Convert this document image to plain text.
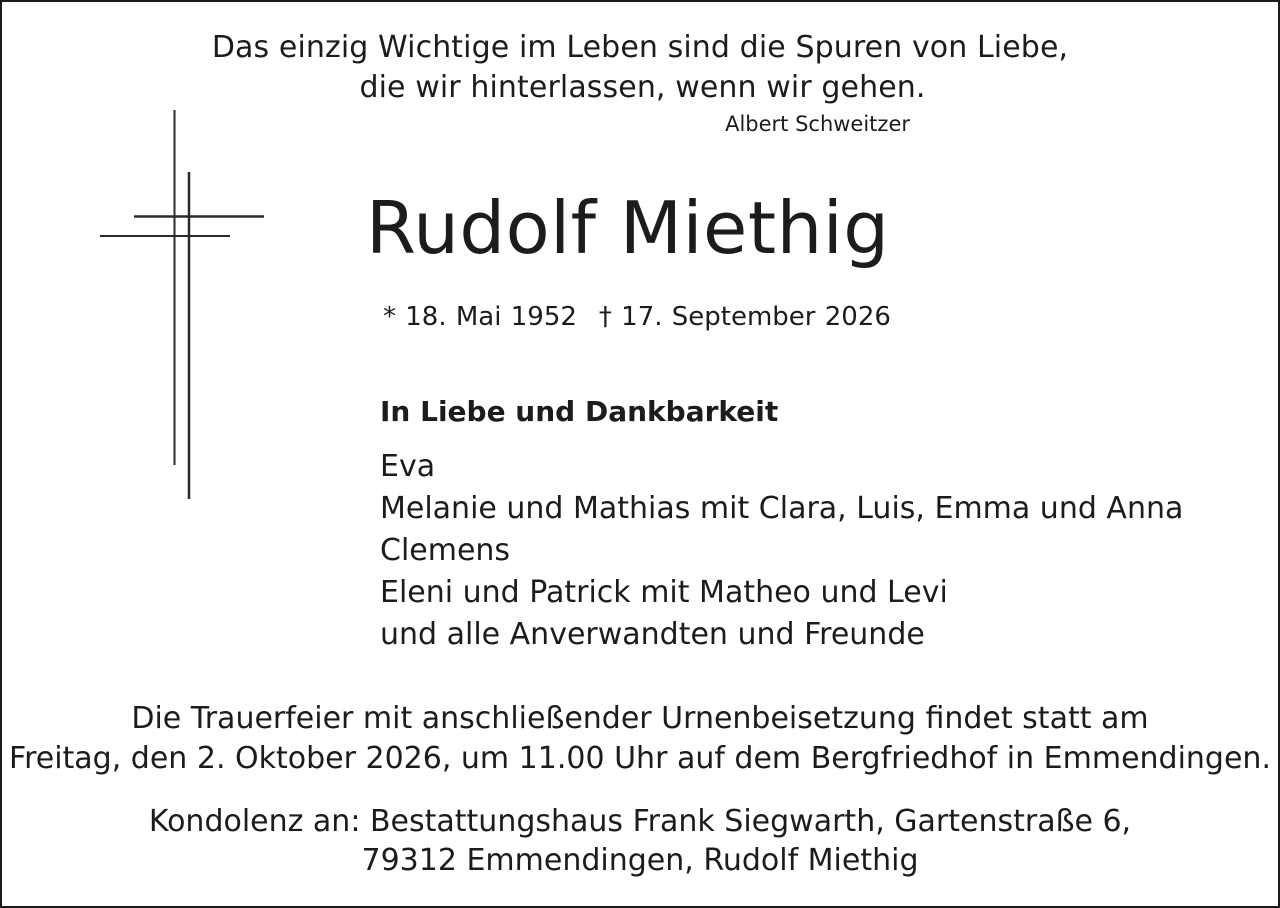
Das einzig Wichtige im Leben sind die Spuren von Liebe,
die wir hinterlassen, wenn wir gehen.
Albert Schweitzer
Rudolf Miethig
* 18. Mai 1952 † 17. September 2026
In Liebe und Dankbarkeit
Eva
Melanie und Mathias mit Clara, Luis, Emma und Anna
Clemens
Eleni und Patrick mit Matheo und Levi
und alle Anverwandten und Freunde
Die Trauerfeier mit anschließender Urnenbeisetzung findet statt am
Freitag, den 2. Oktober 2026, um 11.00 Uhr auf dem Bergfriedhof in Emmendingen.
Kondolenz an: Bestattungshaus Frank Siegwarth, Gartenstraße 6,
79312 Emmendingen, Rudolf Miethig
